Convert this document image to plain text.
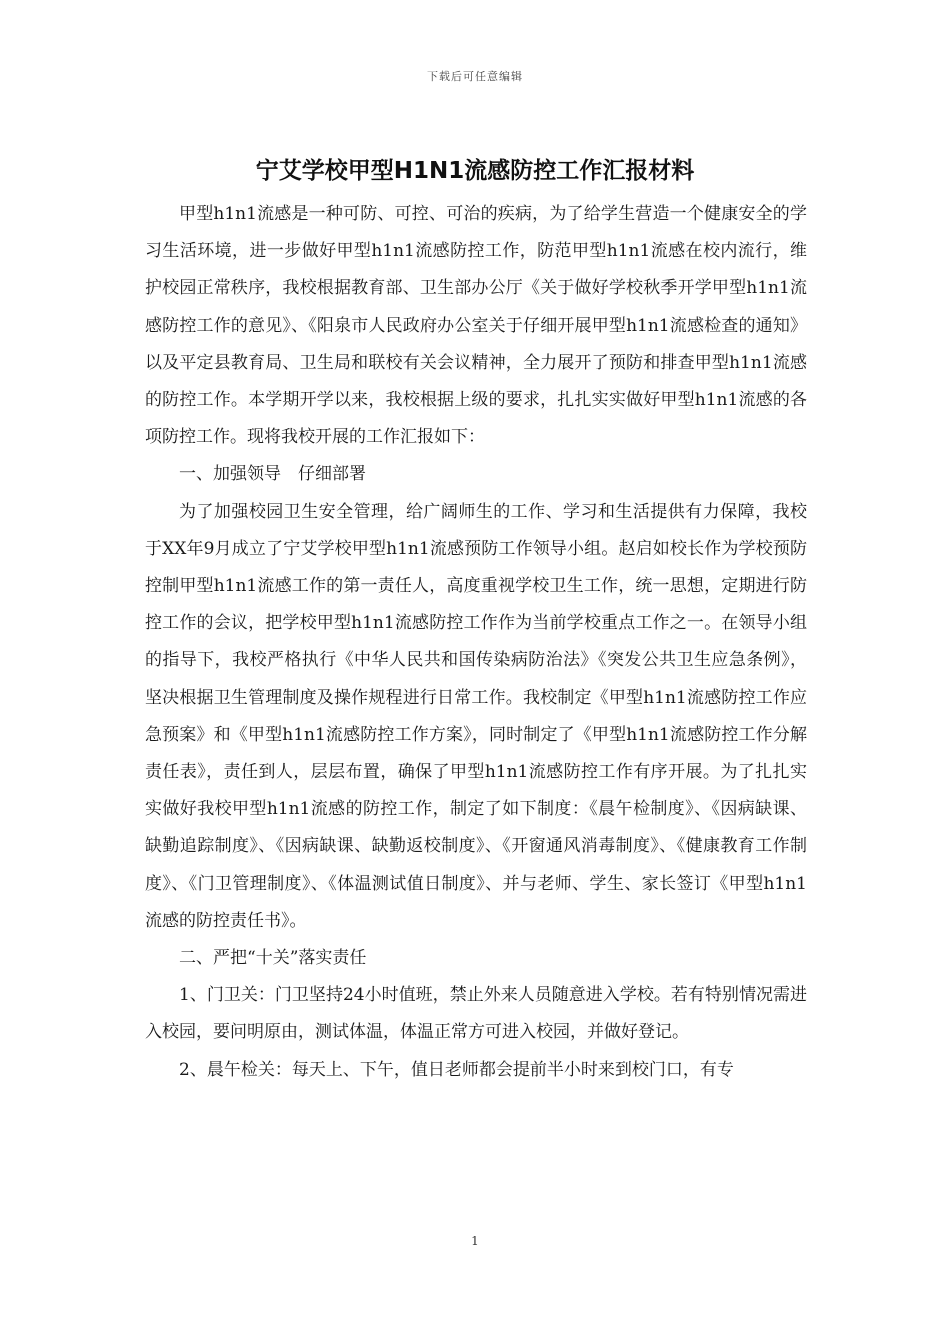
下载后可任意编辑
宁艾学校甲型H1N1流感防控工作汇报材料

甲型h1n1流感是一种可防、可控、可治的疾病，为了给学生营造一个健康安全的学习生活环境，进一步做好甲型h1n1流感防控工作，防范甲型h1n1流感在校内流行，维护校园正常秩序，我校根据教育部、卫生部办公厅《关于做好学校秋季开学甲型h1n1流感防控工作的意见》、《阳泉市人民政府办公室关于仔细开展甲型h1n1流感检查的通知》以及平定县教育局、卫生局和联校有关会议精神，全力展开了预防和排查甲型h1n1流感的防控工作。本学期开学以来，我校根据上级的要求，扎扎实实做好甲型h1n1流感的各项防控工作。现将我校开展的工作汇报如下：

一、加强领导　仔细部署

为了加强校园卫生安全管理，给广阔师生的工作、学习和生活提供有力保障，我校于XX年9月成立了宁艾学校甲型h1n1流感预防工作领导小组。赵启如校长作为学校预防控制甲型h1n1流感工作的第一责任人，高度重视学校卫生工作，统一思想，定期进行防控工作的会议，把学校甲型h1n1流感防控工作作为当前学校重点工作之一。在领导小组的指导下，我校严格执行《中华人民共和国传染病防治法》《突发公共卫生应急条例》，坚决根据卫生管理制度及操作规程进行日常工作。我校制定《甲型h1n1流感防控工作应急预案》和《甲型h1n1流感防控工作方案》，同时制定了《甲型h1n1流感防控工作分解责任表》，责任到人，层层布置，确保了甲型h1n1流感防控工作有序开展。为了扎扎实实做好我校甲型h1n1流感的防控工作，制定了如下制度：《晨午检制度》、《因病缺课、缺勤追踪制度》、《因病缺课、缺勤返校制度》、《开窗通风消毒制度》、《健康教育工作制度》、《门卫管理制度》、《体温测试值日制度》、并与老师、学生、家长签订《甲型h1n1流感的防控责任书》。

二、严把“十关”落实责任

1、门卫关：门卫坚持24小时值班，禁止外来人员随意进入学校。若有特别情况需进入校园，要问明原由，测试体温，体温正常方可进入校园，并做好登记。

2、晨午检关：每天上、下午，值日老师都会提前半小时来到校门口，有专

1
